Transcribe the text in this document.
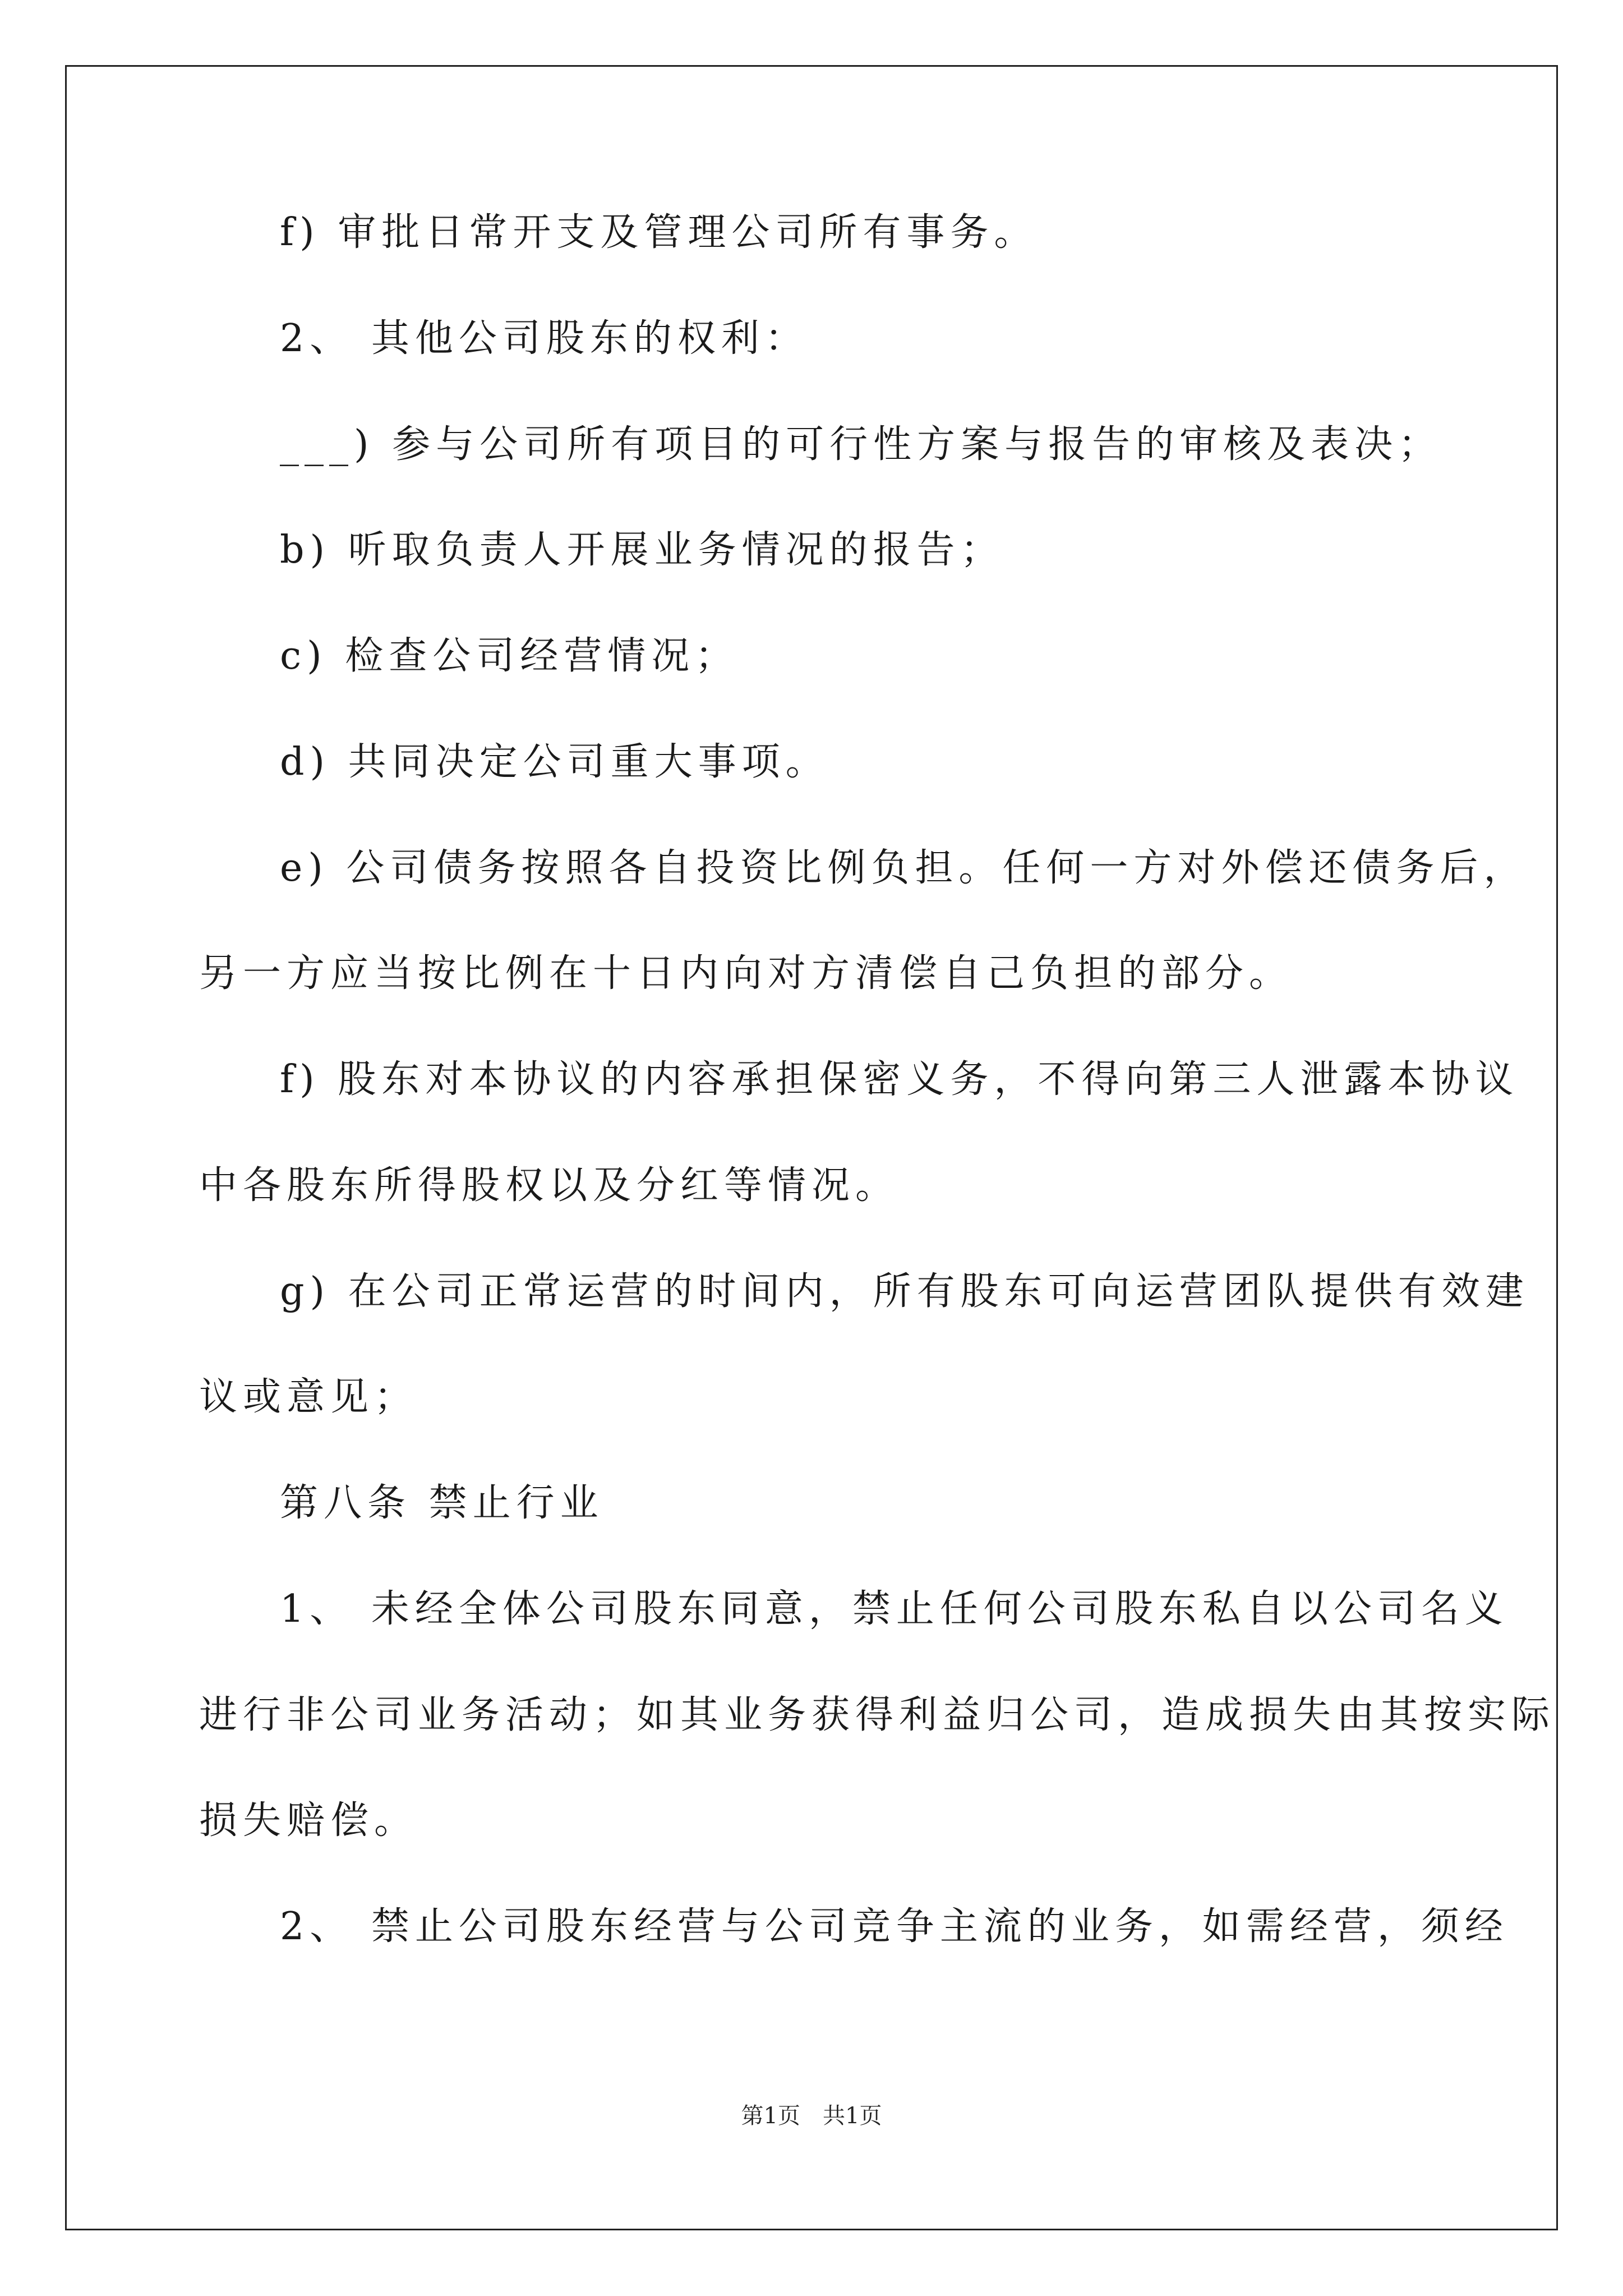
f) 审批日常开支及管理公司所有事务。
2、 其他公司股东的权利：
___) 参与公司所有项目的可行性方案与报告的审核及表决；
b) 听取负责人开展业务情况的报告；
c) 检查公司经营情况；
d) 共同决定公司重大事项。
e) 公司债务按照各自投资比例负担。任何一方对外偿还债务后，
另一方应当按比例在十日内向对方清偿自己负担的部分。
f) 股东对本协议的内容承担保密义务，不得向第三人泄露本协议
中各股东所得股权以及分红等情况。
g) 在公司正常运营的时间内，所有股东可向运营团队提供有效建
议或意见；
第八条 禁止行业
1、 未经全体公司股东同意，禁止任何公司股东私自以公司名义
进行非公司业务活动；如其业务获得利益归公司，造成损失由其按实际
损失赔偿。
2、 禁止公司股东经营与公司竞争主流的业务，如需经营，须经
第1页　共1页
